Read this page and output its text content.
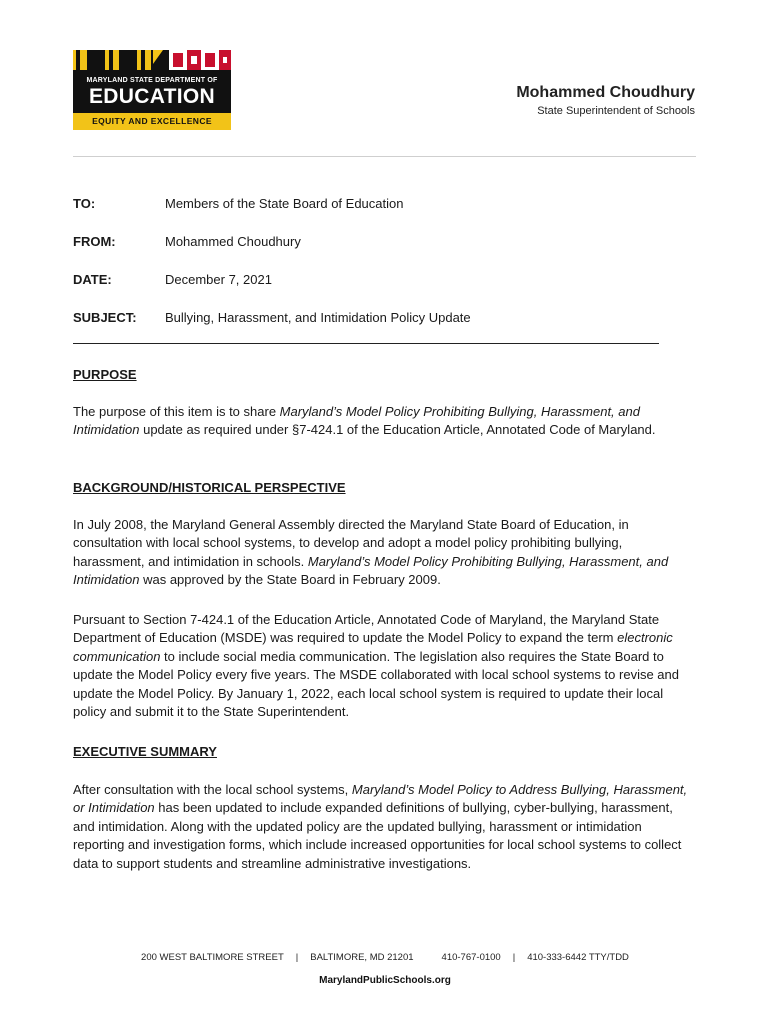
MARYLAND STATE DEPARTMENT OF
EDUCATION
EQUITY AND EXCELLENCE
Mohammed Choudhury
State Superintendent of Schools
TO:	Members of the State Board of Education
FROM:	Mohammed Choudhury
DATE:	December 7, 2021
SUBJECT:	Bullying, Harassment, and Intimidation Policy Update
PURPOSE
The purpose of this item is to share Maryland’s Model Policy Prohibiting Bullying, Harassment, and Intimidation update as required under §7-424.1 of the Education Article, Annotated Code of Maryland.
BACKGROUND/HISTORICAL PERSPECTIVE
In July 2008, the Maryland General Assembly directed the Maryland State Board of Education, in consultation with local school systems, to develop and adopt a model policy prohibiting bullying, harassment, and intimidation in schools. Maryland’s Model Policy Prohibiting Bullying, Harassment, and Intimidation was approved by the State Board in February 2009.
Pursuant to Section 7-424.1 of the Education Article, Annotated Code of Maryland, the Maryland State Department of Education (MSDE) was required to update the Model Policy to expand the term electronic communication to include social media communication. The legislation also requires the State Board to update the Model Policy every five years. The MSDE collaborated with local school systems to revise and update the Model Policy. By January 1, 2022, each local school system is required to update their local policy and submit it to the State Superintendent.
EXECUTIVE SUMMARY
After consultation with the local school systems, Maryland’s Model Policy to Address Bullying, Harassment, or Intimidation has been updated to include expanded definitions of bullying, cyber-bullying, harassment, and intimidation. Along with the updated policy are the updated bullying, harassment or intimidation reporting and investigation forms, which include increased opportunities for local school systems to collect data to support students and streamline administrative investigations.
200 WEST BALTIMORE STREET | BALTIMORE, MD 21201	410-767-0100 | 410-333-6442 TTY/TDD
MarylandPublicSchools.org
